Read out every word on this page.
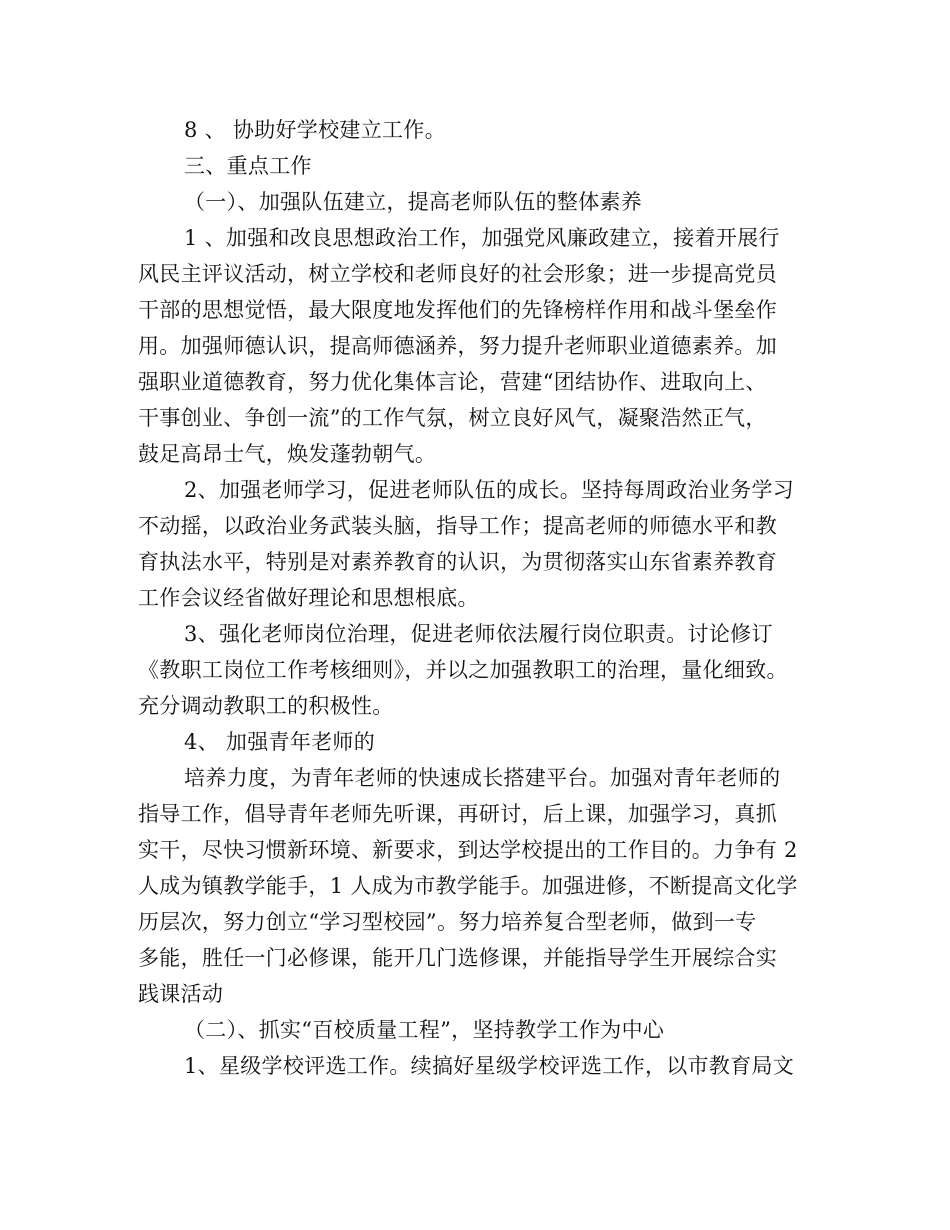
8 、 协助好学校建立工作。
三、重点工作
（一）、加强队伍建立，提高老师队伍的整体素养
1 、加强和改良思想政治工作，加强党风廉政建立，接着开展行
风民主评议活动，树立学校和老师良好的社会形象；进一步提高党员
干部的思想觉悟，最大限度地发挥他们的先锋榜样作用和战斗堡垒作
用。加强师德认识，提高师德涵养，努力提升老师职业道德素养。加
强职业道德教育，努力优化集体言论，营建“团结协作、进取向上、
干事创业、争创一流”的工作气氛，树立良好风气，凝聚浩然正气，
鼓足高昂士气，焕发蓬勃朝气。
2、加强老师学习，促进老师队伍的成长。坚持每周政治业务学习
不动摇，以政治业务武装头脑，指导工作；提高老师的师德水平和教
育执法水平，特别是对素养教育的认识，为贯彻落实山东省素养教育
工作会议经省做好理论和思想根底。
3、强化老师岗位治理，促进老师依法履行岗位职责。讨论修订
《教职工岗位工作考核细则》，并以之加强教职工的治理，量化细致。
充分调动教职工的积极性。
4、 加强青年老师的
培养力度，为青年老师的快速成长搭建平台。加强对青年老师的
指导工作，倡导青年老师先听课，再研讨，后上课，加强学习，真抓
实干，尽快习惯新环境、新要求，到达学校提出的工作目的。力争有 2
人成为镇教学能手，1 人成为市教学能手。加强进修，不断提高文化学
历层次，努力创立“学习型校园”。努力培养复合型老师，做到一专
多能，胜任一门必修课，能开几门选修课，并能指导学生开展综合实
践课活动
（二）、抓实“百校质量工程”，坚持教学工作为中心
1、星级学校评选工作。续搞好星级学校评选工作，以市教育局文
